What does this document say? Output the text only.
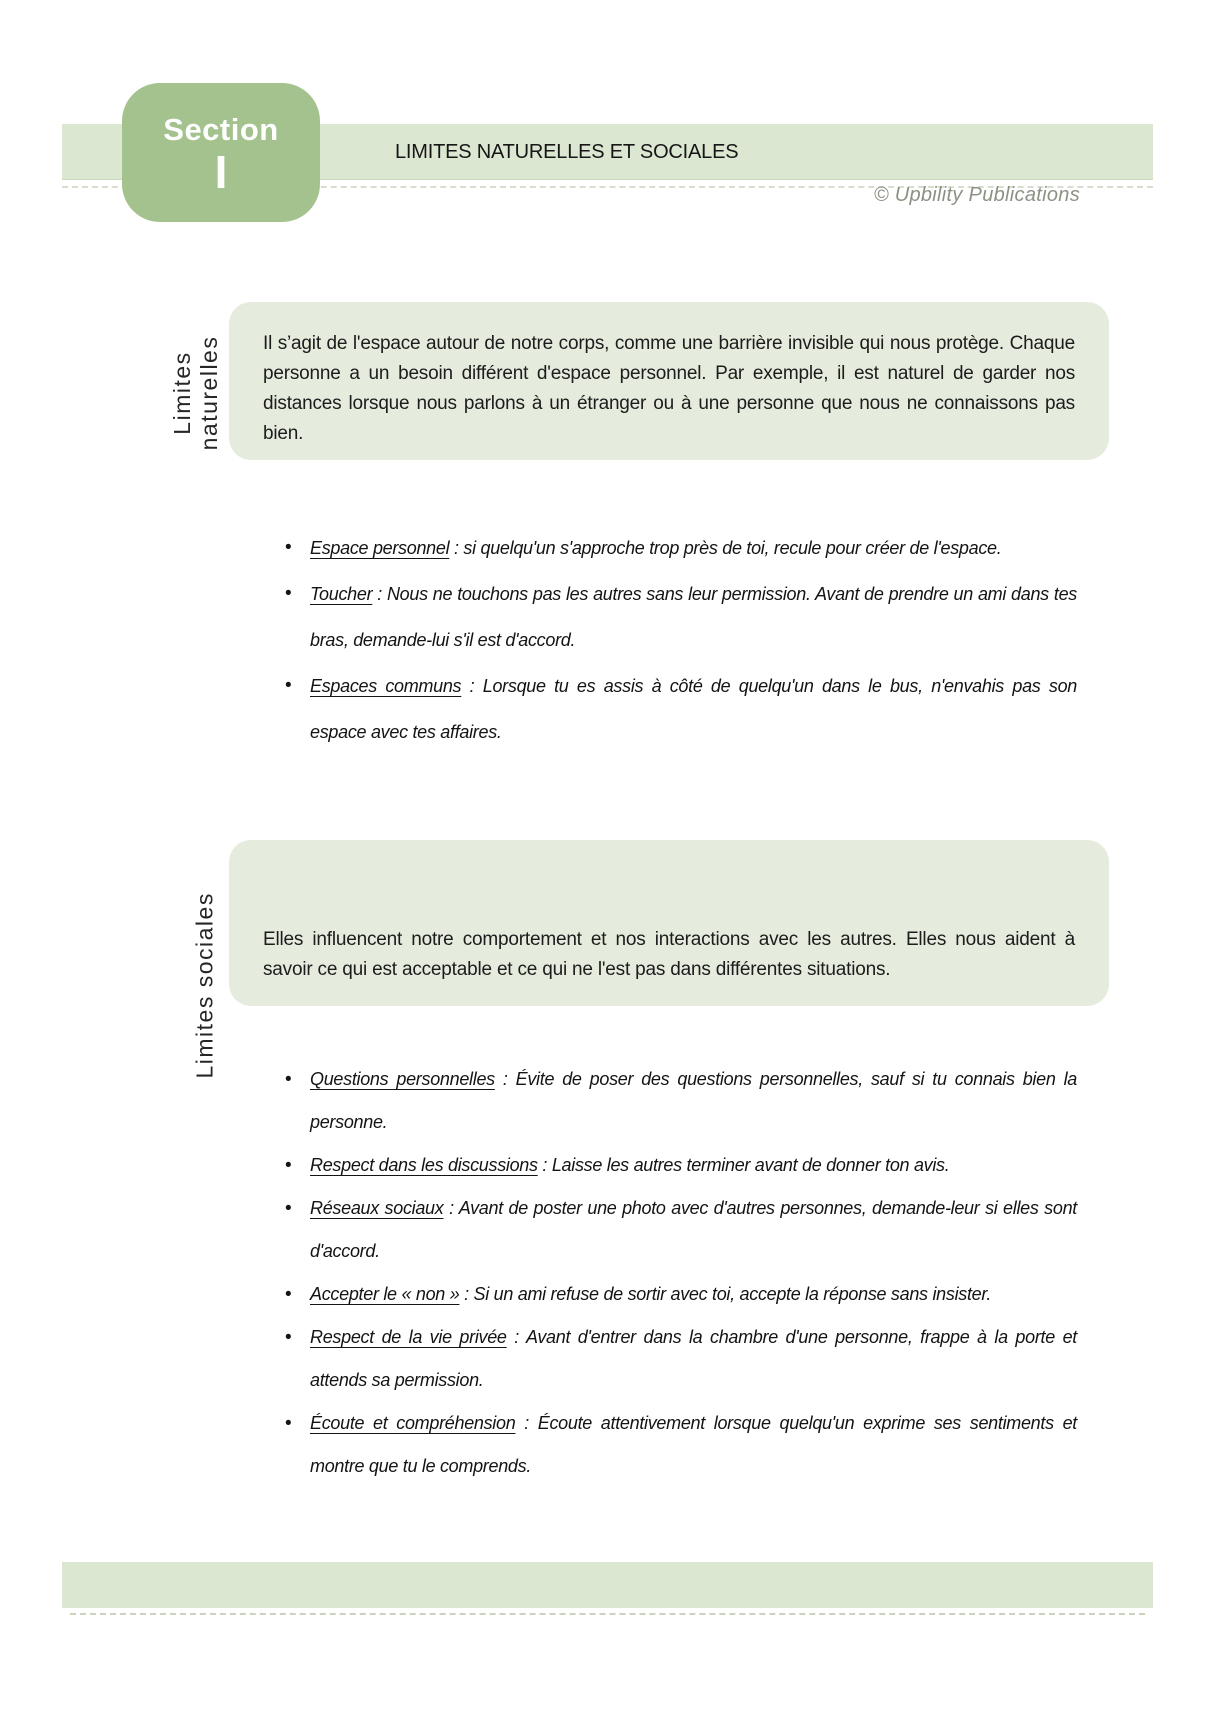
LIMITES NATURELLES ET SOCIALES
Section
I	© Upbility Publications
Limites naturelles Il s’agit de l'espace autour de notre corps, comme une barrière invisible qui nous protège. Chaque personne a un besoin différent d'espace personnel. Par exemple, il est naturel de garder nos distances lorsque nous parlons à un étranger ou à une personne que nous ne connaissons pas bien.

• Espace personnel : si quelqu'un s'approche trop près de toi, recule pour créer de l'espace.
• Toucher : Nous ne touchons pas les autres sans leur permission. Avant de prendre un ami dans tes bras, demande-lui s'il est d'accord.
• Espaces communs : Lorsque tu es assis à côté de quelqu'un dans le bus, n'envahis pas son espace avec tes affaires.
Limites sociales Elles influencent notre comportement et nos interactions avec les autres. Elles nous aident à savoir ce qui est acceptable et ce qui ne l'est pas dans différentes situations.

• Questions personnelles : Évite de poser des questions personnelles, sauf si tu connais bien la personne.
• Respect dans les discussions : Laisse les autres terminer avant de donner ton avis.
• Réseaux sociaux : Avant de poster une photo avec d'autres personnes, demande-leur si elles sont d'accord.
• Accepter le « non » : Si un ami refuse de sortir avec toi, accepte la réponse sans insister.
• Respect de la vie privée : Avant d'entrer dans la chambre d'une personne, frappe à la porte et attends sa permission.
• Écoute et compréhension : Écoute attentivement lorsque quelqu'un exprime ses sentiments et montre que tu le comprends.
